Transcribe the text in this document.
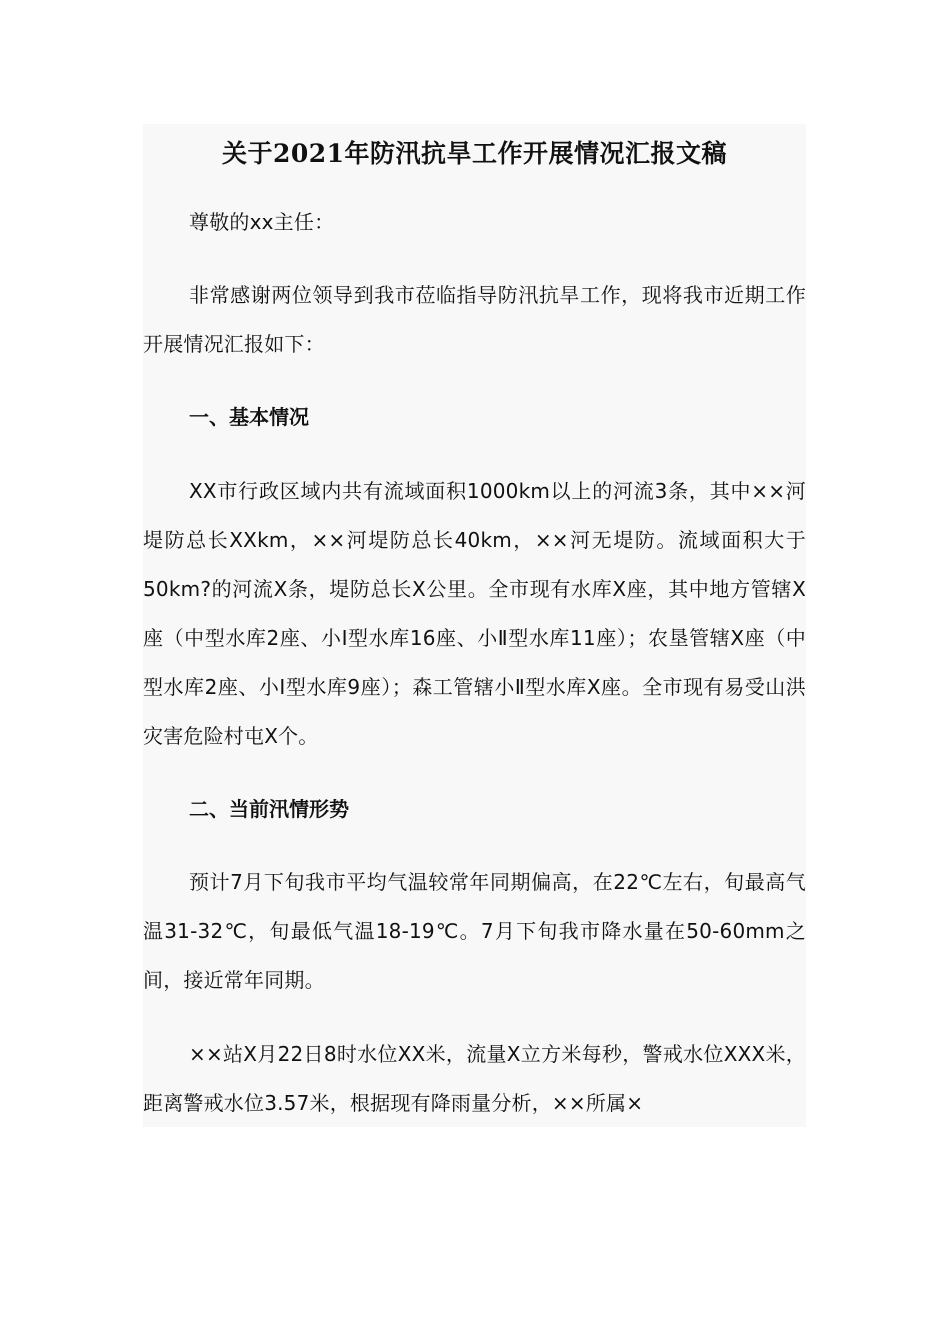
关于2021年防汛抗旱工作开展情况汇报文稿

尊敬的xx主任：

非常感谢两位领导到我市莅临指导防汛抗旱工作，现将我市近期工作开展情况汇报如下：

一、基本情况

XX市行政区域内共有流域面积1000km以上的河流3条，其中××河堤防总长XXkm，××河堤防总长40km，××河无堤防。流域面积大于50km?的河流X条，堤防总长X公里。全市现有水库X座，其中地方管辖X座（中型水库2座、小Ⅰ型水库16座、小Ⅱ型水库11座）；农垦管辖X座（中型水库2座、小Ⅰ型水库9座）；森工管辖小Ⅱ型水库X座。全市现有易受山洪灾害危险村屯X个。

二、当前汛情形势

预计7月下旬我市平均气温较常年同期偏高，在22℃左右，旬最高气温31-32℃，旬最低气温18-19℃。7月下旬我市降水量在50-60mm之间，接近常年同期。

××站X月22日8时水位XX米，流量X立方米每秒，警戒水位XXX米，距离警戒水位3.57米，根据现有降雨量分析，××所属×
